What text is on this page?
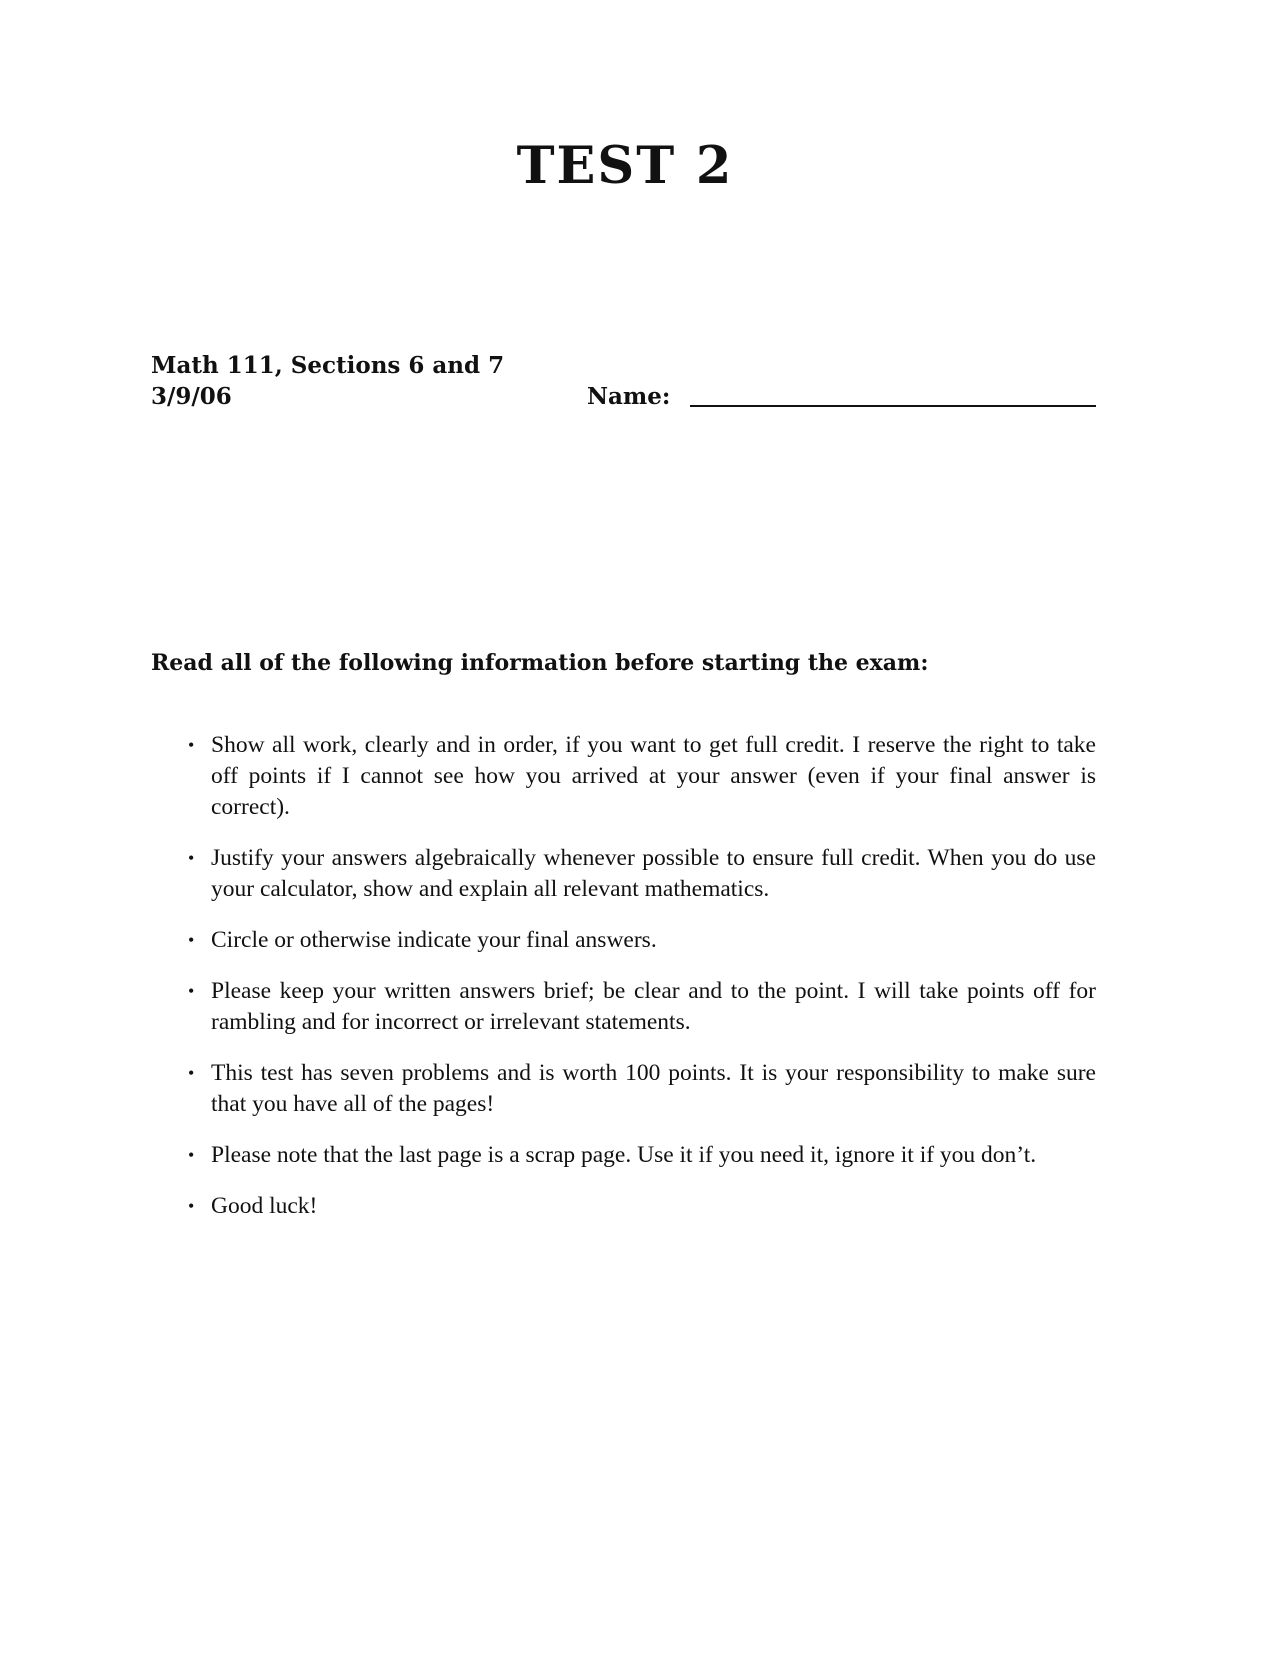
TEST 2
Math 111, Sections 6 and 7
3/9/06	Name:
Read all of the following information before starting the exam:
• Show all work, clearly and in order, if you want to get full credit. I reserve the right to take off points if I cannot see how you arrived at your answer (even if your final answer is correct).
• Justify your answers algebraically whenever possible to ensure full credit. When you do use your calculator, show and explain all relevant mathematics.
• Circle or otherwise indicate your final answers.
• Please keep your written answers brief; be clear and to the point. I will take points off for rambling and for incorrect or irrelevant statements.
• This test has seven problems and is worth 100 points. It is your responsibility to make sure that you have all of the pages!
• Please note that the last page is a scrap page. Use it if you need it, ignore it if you don’t.
• Good luck!
